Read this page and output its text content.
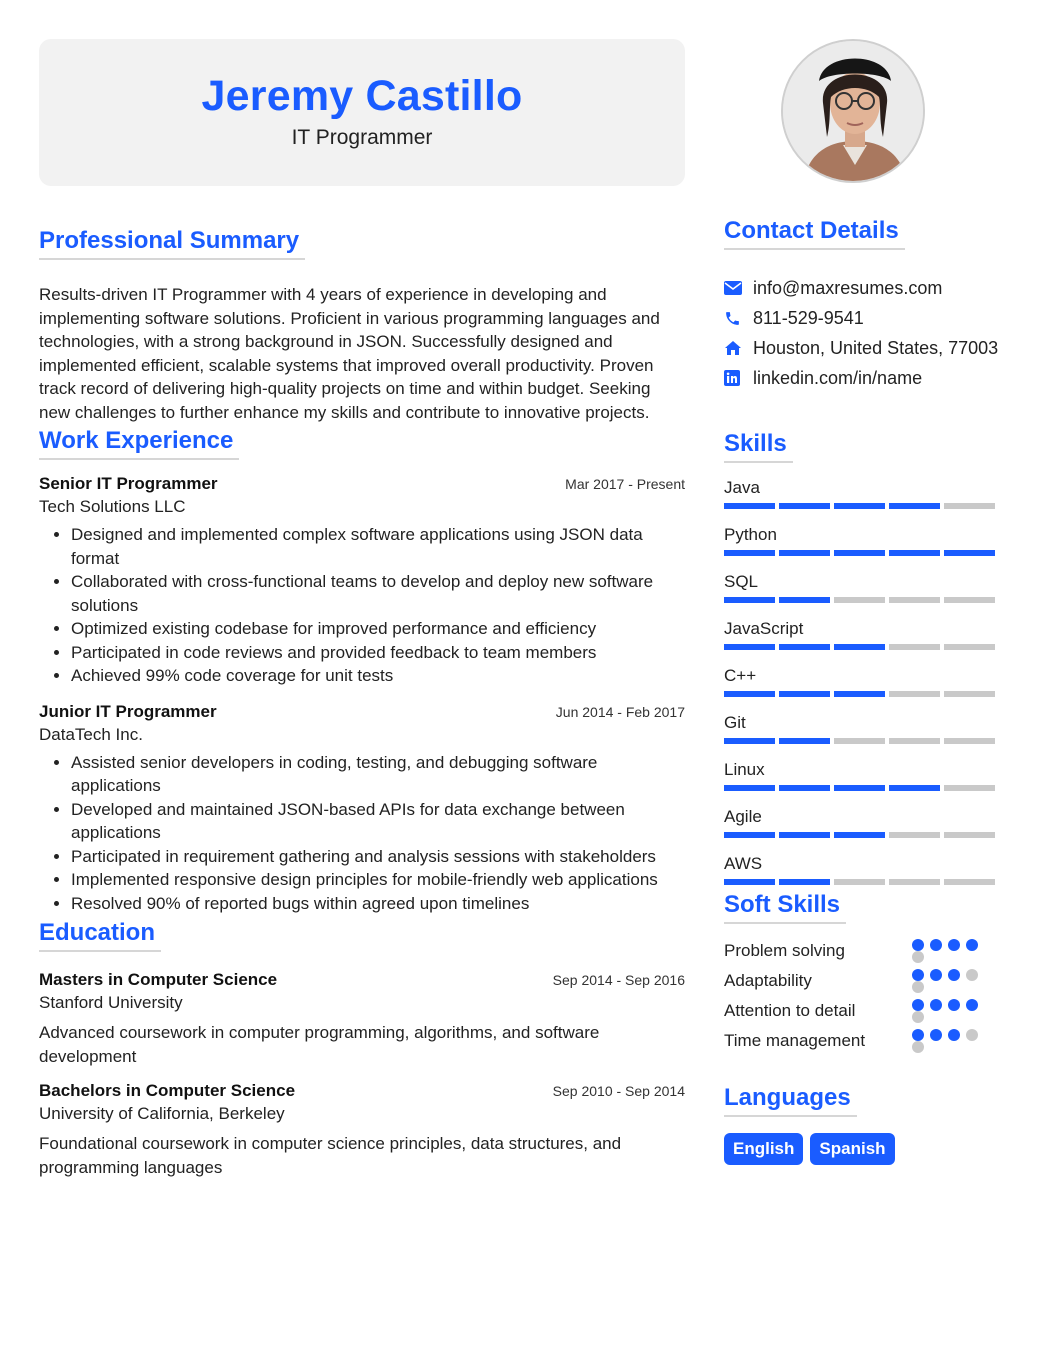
Jeremy Castillo
IT Programmer
Professional Summary

Results-driven IT Programmer with 4 years of experience in developing and implementing software solutions. Proficient in various programming languages and technologies, with a strong background in JSON. Successfully designed and implemented efficient, scalable systems that improved overall productivity. Proven track record of delivering high-quality projects on time and within budget. Seeking new challenges to further enhance my skills and contribute to innovative projects.

Work Experience
Senior IT Programmer	Mar 2017 - Present
Tech Solutions LLC
• Designed and implemented complex software applications using JSON data format
• Collaborated with cross-functional teams to develop and deploy new software solutions
• Optimized existing codebase for improved performance and efficiency
• Participated in code reviews and provided feedback to team members
• Achieved 99% code coverage for unit tests
Junior IT Programmer	Jun 2014 - Feb 2017
DataTech Inc.
• Assisted senior developers in coding, testing, and debugging software applications
• Developed and maintained JSON-based APIs for data exchange between applications
• Participated in requirement gathering and analysis sessions with stakeholders
• Implemented responsive design principles for mobile-friendly web applications
• Resolved 90% of reported bugs within agreed upon timelines
Education
Masters in Computer Science	Sep 2014 - Sep 2016
Stanford University

Advanced coursework in computer programming, algorithms, and software development

Bachelors in Computer Science	Sep 2010 - Sep 2014
University of California, Berkeley

Foundational coursework in computer science principles, data structures, and programming languages

Contact Details
info@maxresumes.com
811-529-9541
Houston, United States, 77003
linkedin.com/in/name
Skills
Java
Python
SQL
JavaScript
C++
Git
Linux
Agile
AWS
Soft Skills
Problem solving
Adaptability
Attention to detail
Time management
Languages
English	Spanish
